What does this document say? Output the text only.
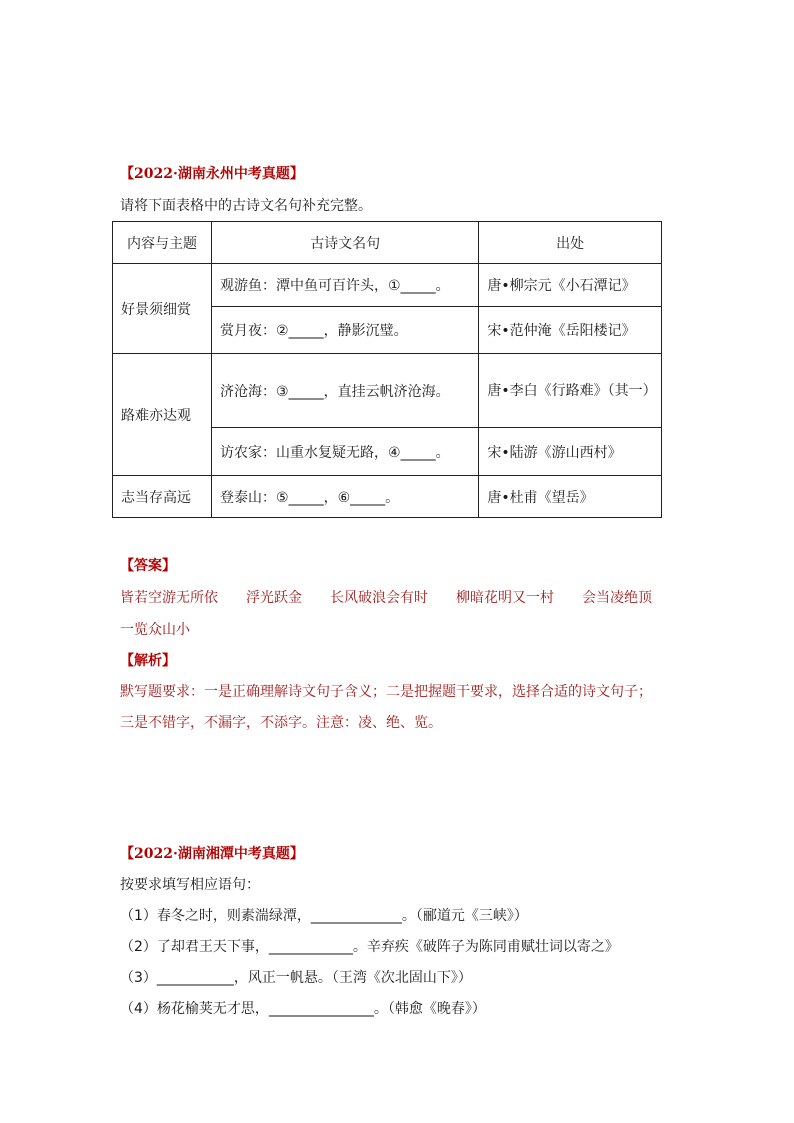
【2022·湖南永州中考真题】
请将下面表格中的古诗文名句补充完整。
内容与主题	古诗文名句	出处
好景须细赏	观游鱼：潭中鱼可百许头，①_____。	唐•柳宗元《小石潭记》
	赏月夜：②_____，静影沉璧。	宋•范仲淹《岳阳楼记》
路难亦达观	济沧海：③_____，直挂云帆济沧海。	唐•李白《行路难》（其一）
	访农家：山重水复疑无路，④_____。	宋•陆游《游山西村》
志当存高远	登泰山：⑤_____，⑥_____。	唐•杜甫《望岳》
【答案】
皆若空游无所依　　浮光跃金　　长风破浪会有时　　柳暗花明又一村　　会当凌绝顶
一览众山小
【解析】
默写题要求：一是正确理解诗文句子含义；二是把握题干要求，选择合适的诗文句子；
三是不错字，不漏字，不添字。注意：凌、绝、览。
【2022·湖南湘潭中考真题】
按要求填写相应语句：
（1）春冬之时，则素湍绿潭，_____________。（郦道元《三峡》）
（2）了却君王天下事，____________。辛弃疾《破阵子为陈同甫赋壮词以寄之》
（3）___________，风正一帆悬。（王湾《次北固山下》）
（4）杨花榆荚无才思，_______________。（韩愈《晚春》）
